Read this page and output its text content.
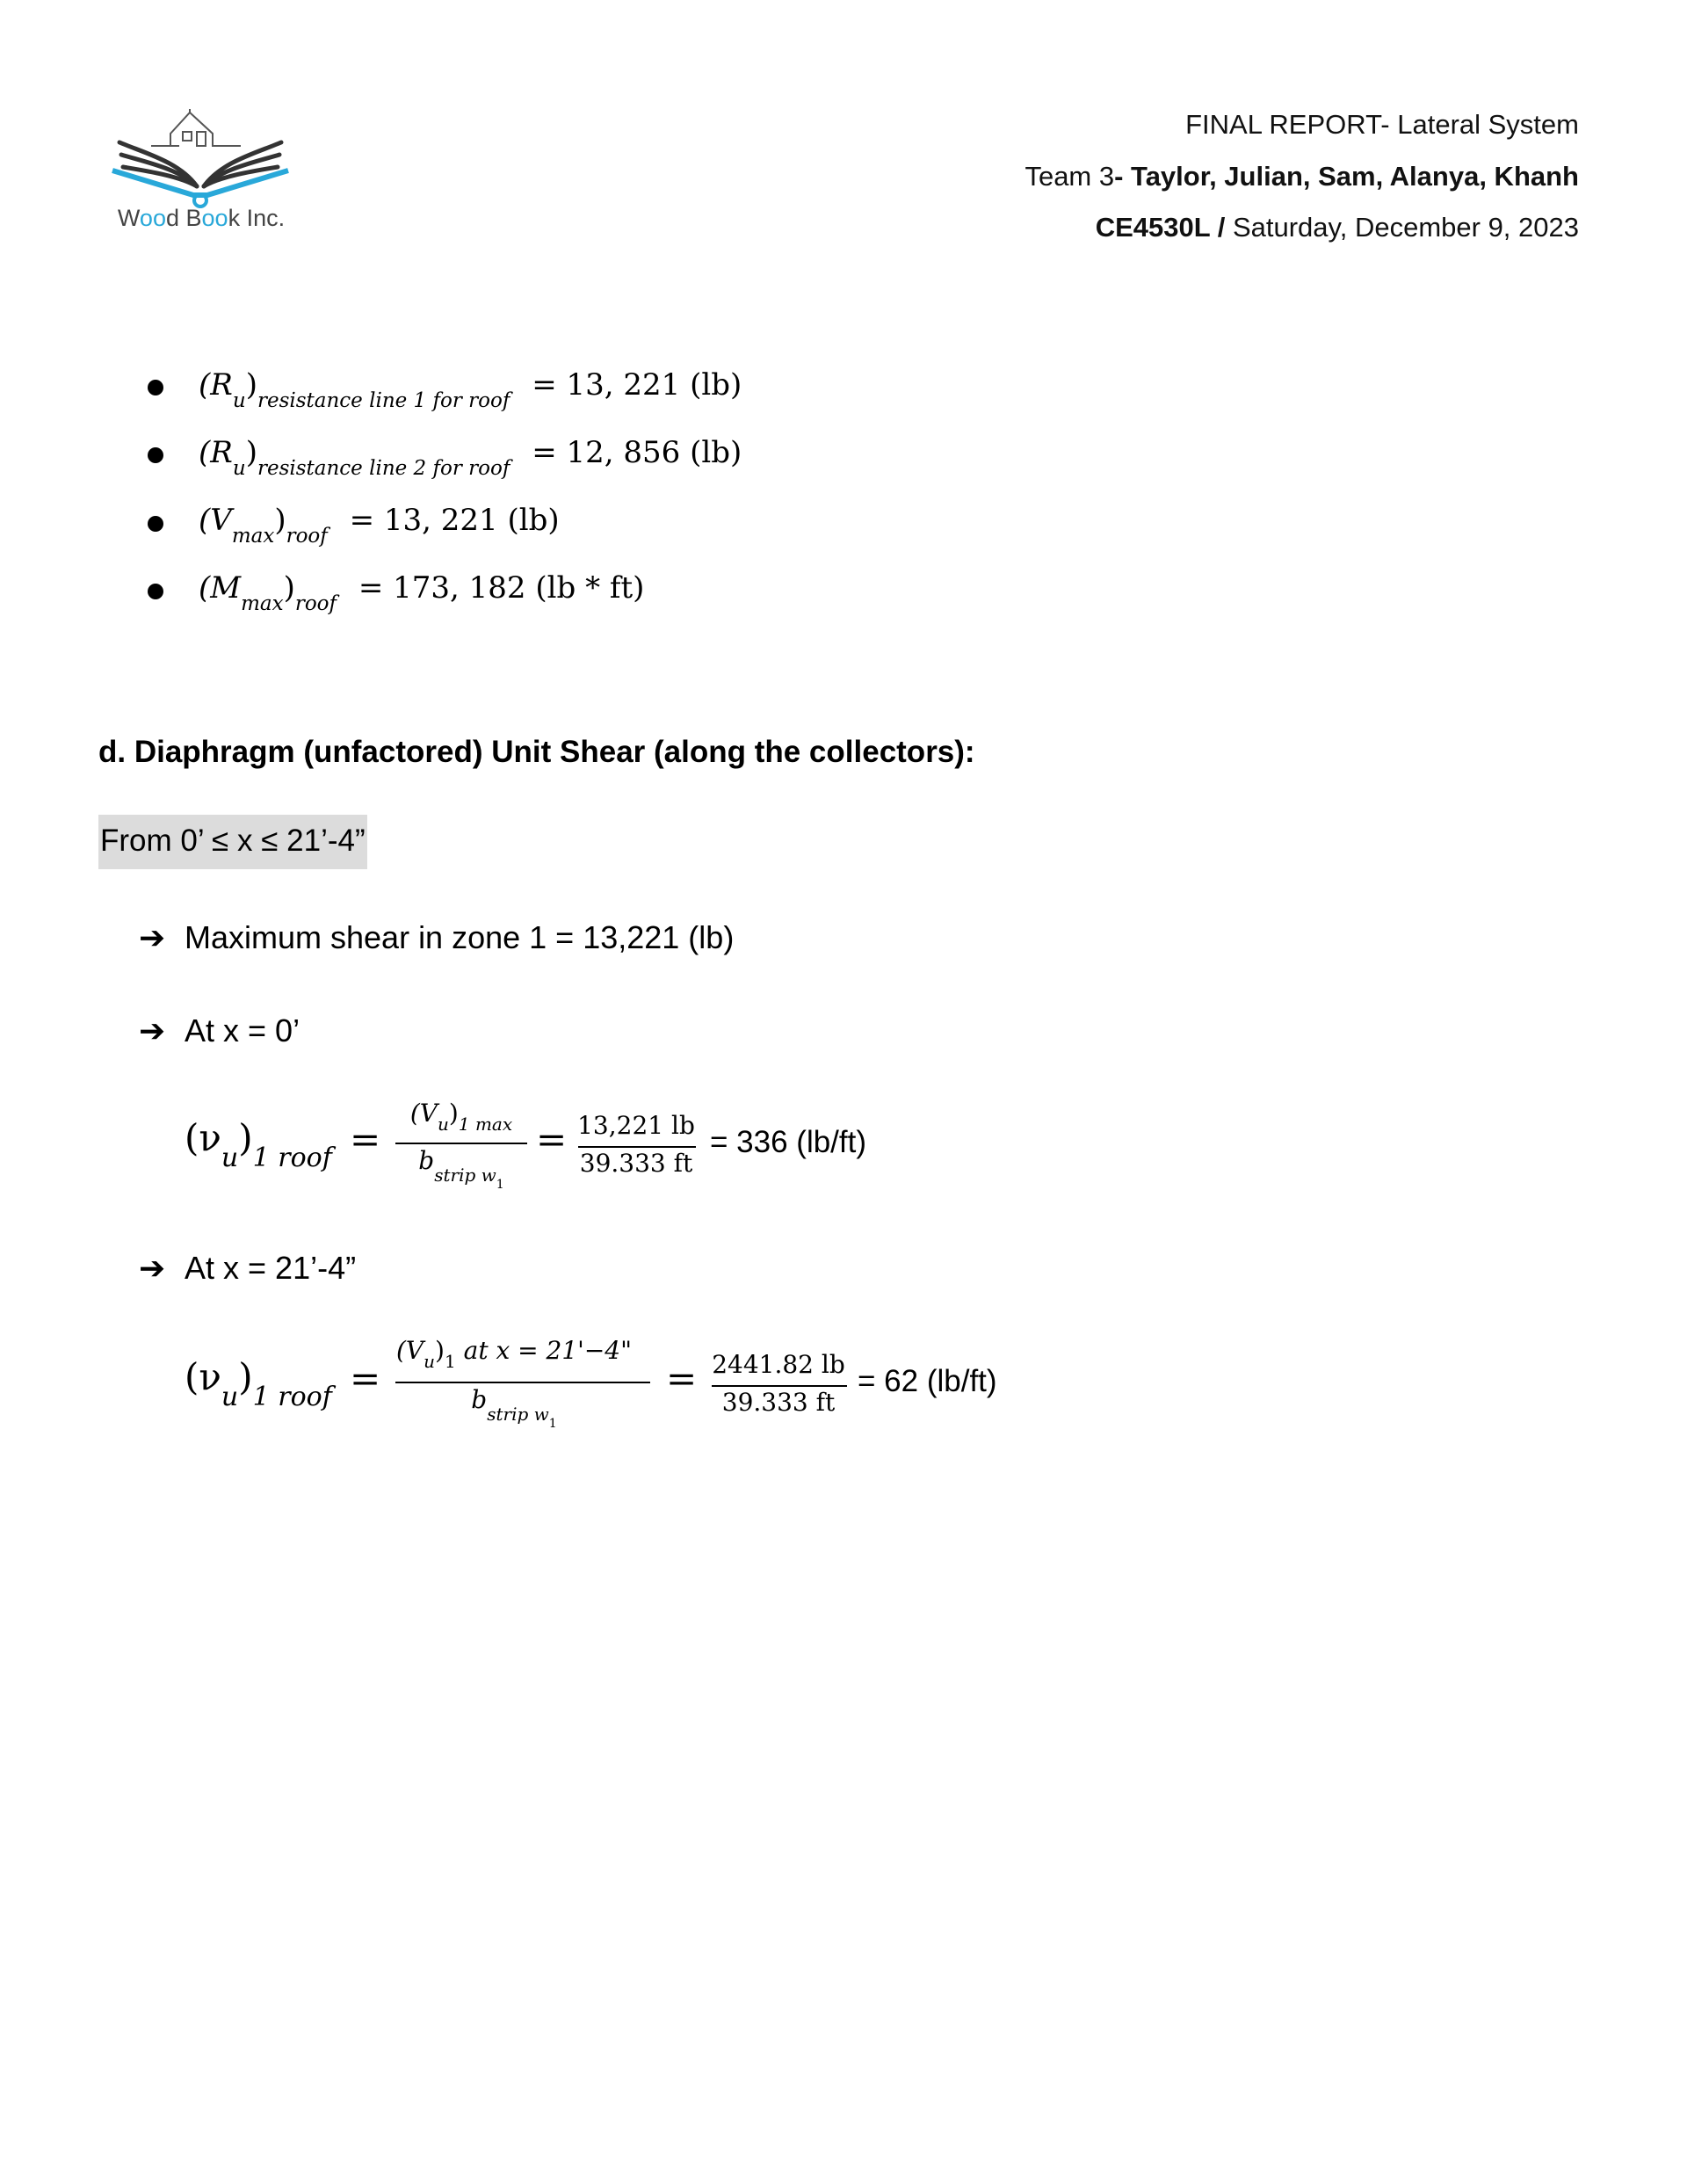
Wood Book Inc.
FINAL REPORT- Lateral System
Team 3- Taylor, Julian, Sam, Alanya, Khanh
CE4530L / Saturday, December 9, 2023
$(R_u)_{resistance line 1 for roof} = 13$, 221 (lb)
$(R_u)_{resistance line 2 for roof} = 12$, 856 (lb)
$(V_{max})_{roof} = 13$, 221 (lb)
$(M_{max})_{roof} = 173$, 182 (lb * ft)
d. Diaphragm (unfactored) Unit Shear (along the collectors):
From 0’ ≤ x ≤ 21’-4”
➔ Maximum shear in zone 1 = 13,221 (lb)
➔ At x = 0’
$(\nu_u)_{1 roof}$ =
$(V_u)_{1 max}$
$b_{strip w1}$
= 13,221 lb
39.333 ft
= 336 (lb/ft)
➔ At x = 21’-4”
$(\nu_u)_{1 roof}$ =
$(V_u)_1$ at x = 21'−4"
$b_{strip w1}$
= 2441.82 lb
39.333 ft
= 62 (lb/ft)
